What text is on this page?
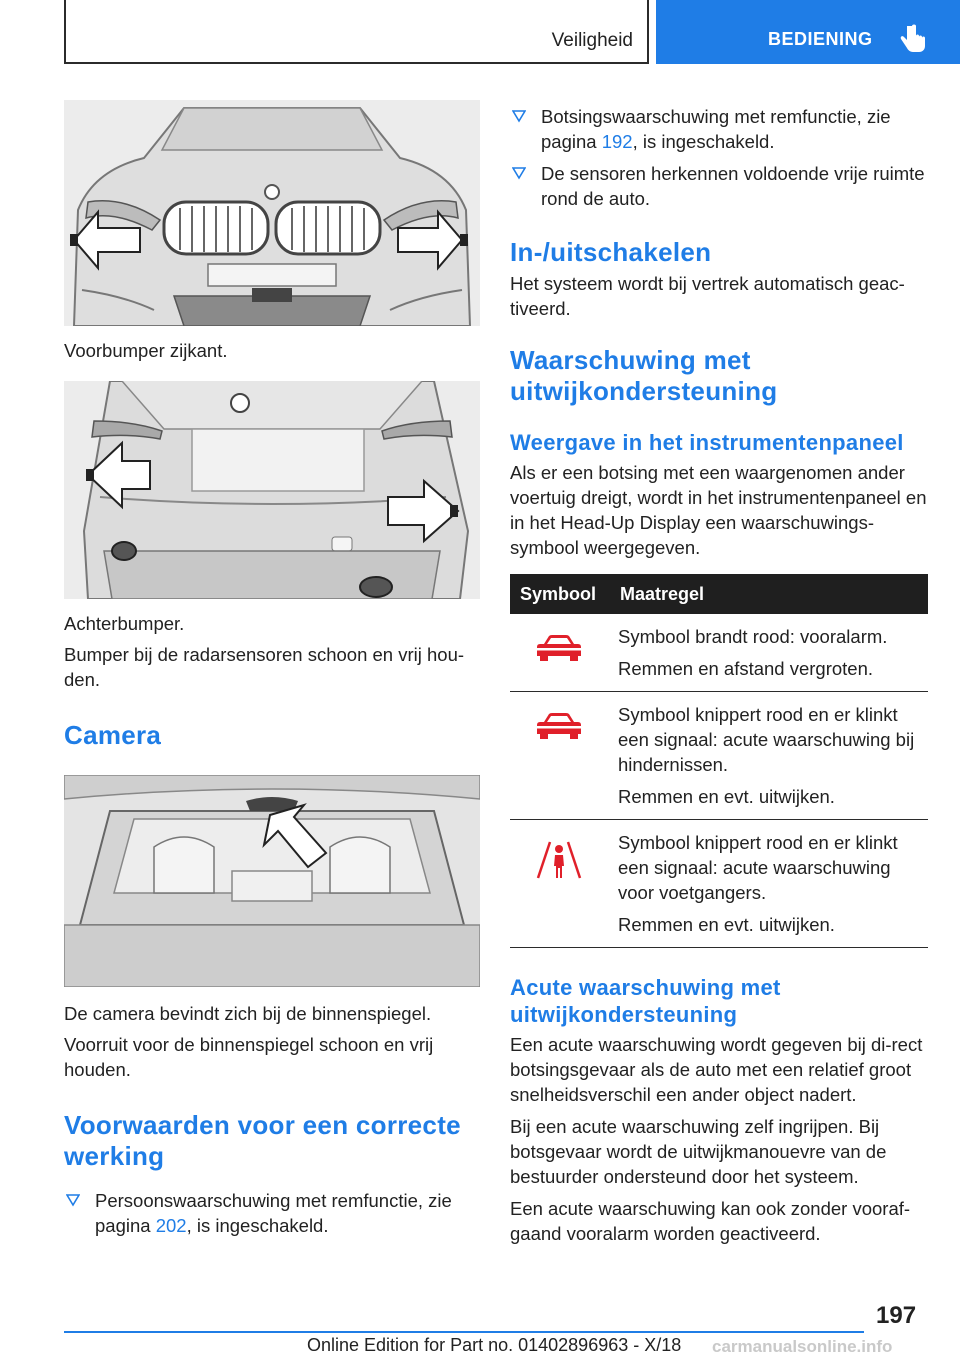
Veiligheid	BEDIENING

Voorbumper zijkant.

Achterbumper.

Bumper bij de radarsensoren schoon en vrij hou-den.

Camera

De camera bevindt zich bij de binnenspiegel.

Voorruit voor de binnenspiegel schoon en vrij houden.

Voorwaarden voor een correcte werking
Persoonswaarschuwing met remfunctie, zie pagina 202, is ingeschakeld.
Botsingswaarschuwing met remfunctie, zie pagina 192, is ingeschakeld.
De sensoren herkennen voldoende vrije ruimte rond de auto.
In-/uitschakelen

Het systeem wordt bij vertrek automatisch geac-tiveerd.

Waarschuwing met uitwijkondersteuning
Weergave in het instrumentenpaneel

Als er een botsing met een waargenomen ander voertuig dreigt, wordt in het instrumentenpaneel en in het Head-Up Display een waarschuwings-symbool weergegeven.

Symbool	Maatregel

Symbool brandt rood: vooralarm.

Remmen en afstand vergroten.

Symbool knippert rood en er klinkt een signaal: acute waarschuwing bij hindernissen.

Remmen en evt. uitwijken.

Symbool knippert rood en er klinkt een signaal: acute waarschuwing voor voetgangers.

Remmen en evt. uitwijken.

Acute waarschuwing met uitwijkondersteuning

Een acute waarschuwing wordt gegeven bij di-rect botsingsgevaar als de auto met een relatief groot snelheidsverschil een ander object nadert.

Bij een acute waarschuwing zelf ingrijpen. Bij botsgevaar wordt de uitwijkmanouevre van de bestuurder ondersteund door het systeem.

Een acute waarschuwing kan ook zonder vooraf-gaand vooralarm worden geactiveerd.

197
Online Edition for Part no. 01402896963 - X/18 carmanualsonline.info
